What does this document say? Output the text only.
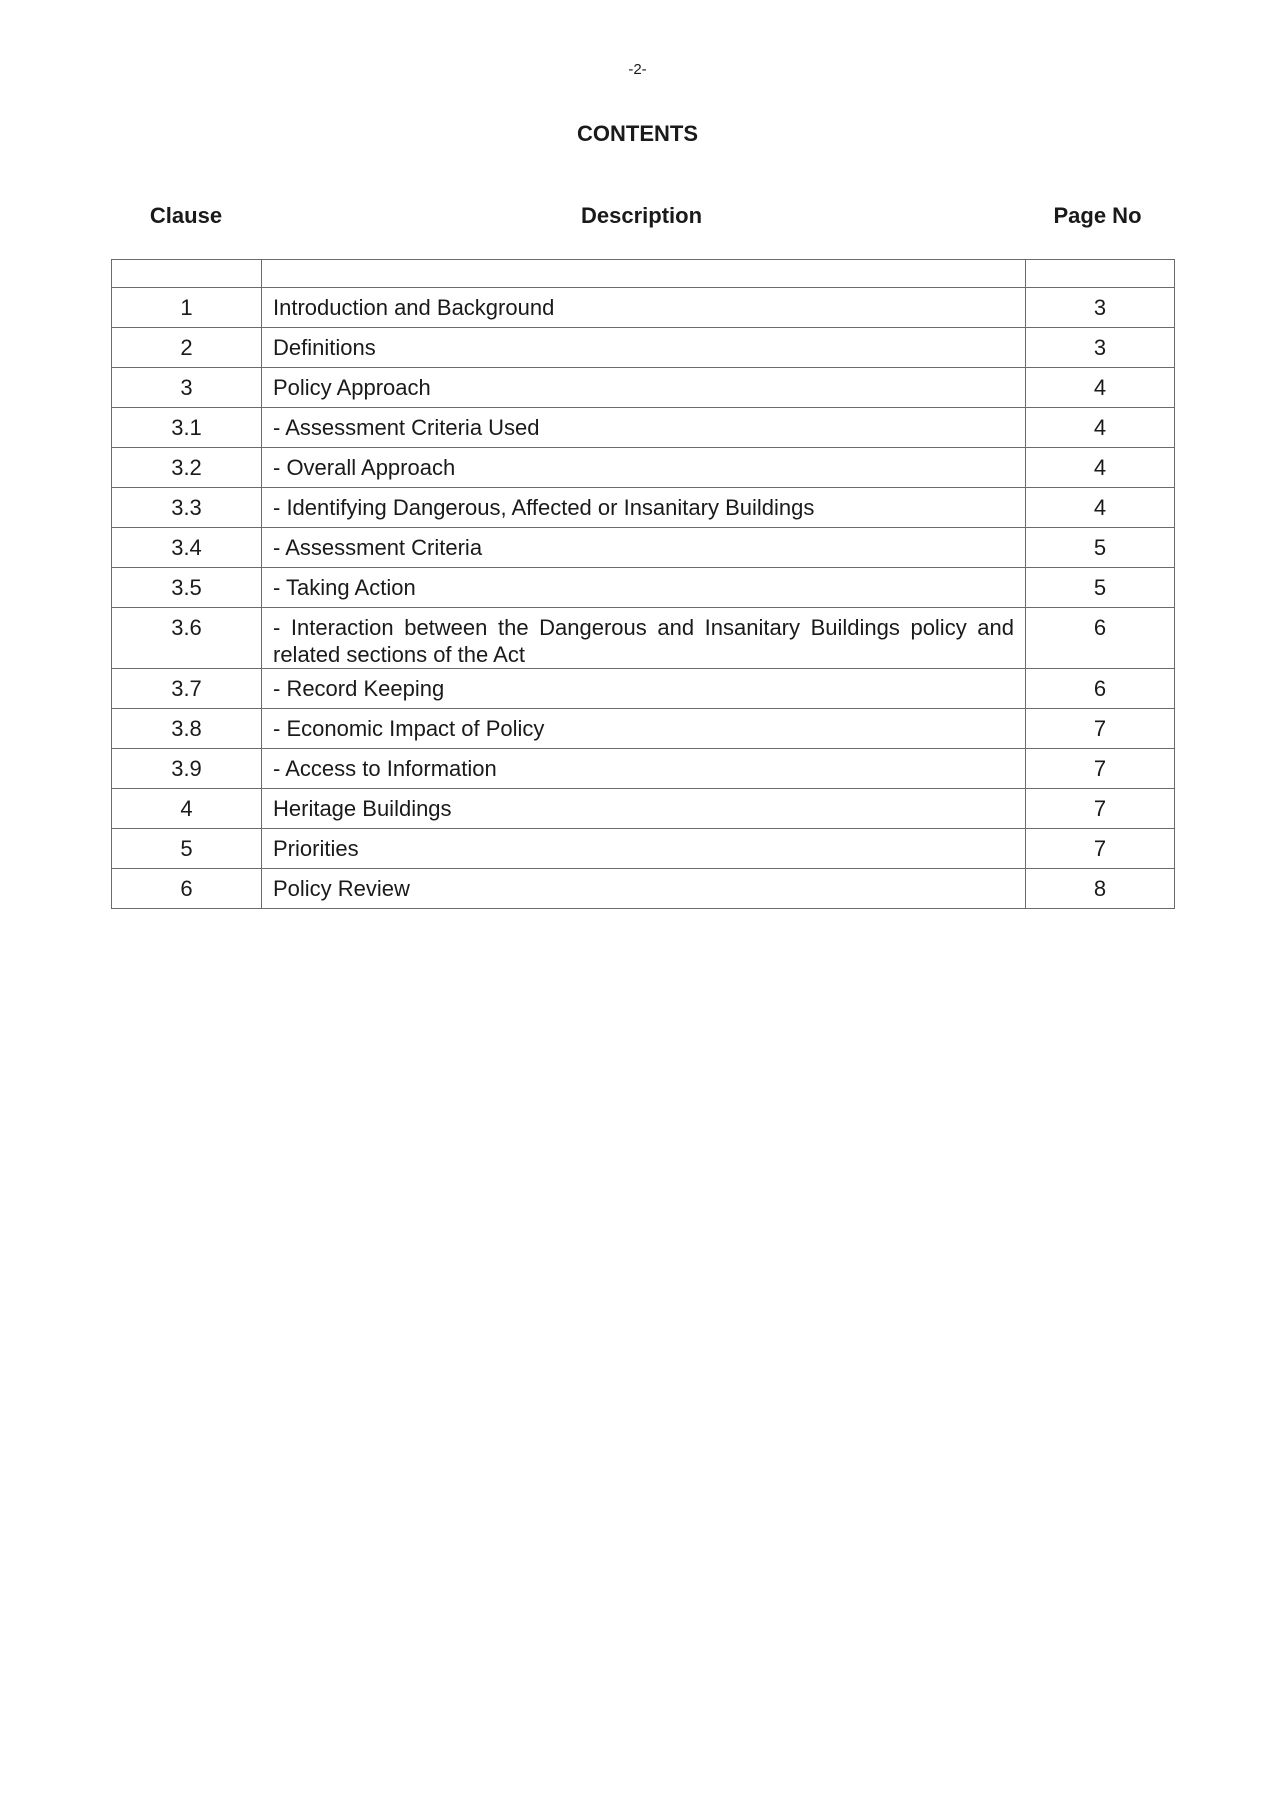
-2-
CONTENTS
Clause	Description	Page No

1	Introduction and Background	3
2	Definitions	3
3	Policy Approach	4
3.1	- Assessment Criteria Used	4
3.2	- Overall Approach	4
3.3	- Identifying Dangerous, Affected or Insanitary Buildings	4
3.4	- Assessment Criteria	5
3.5	- Taking Action	5
3.6	- Interaction between the Dangerous and Insanitary Buildings policy and related sections of the Act	6
3.7	- Record Keeping	6
3.8	- Economic Impact of Policy	7
3.9	- Access to Information	7
4	Heritage Buildings	7
5	Priorities	7
6	Policy Review	8
